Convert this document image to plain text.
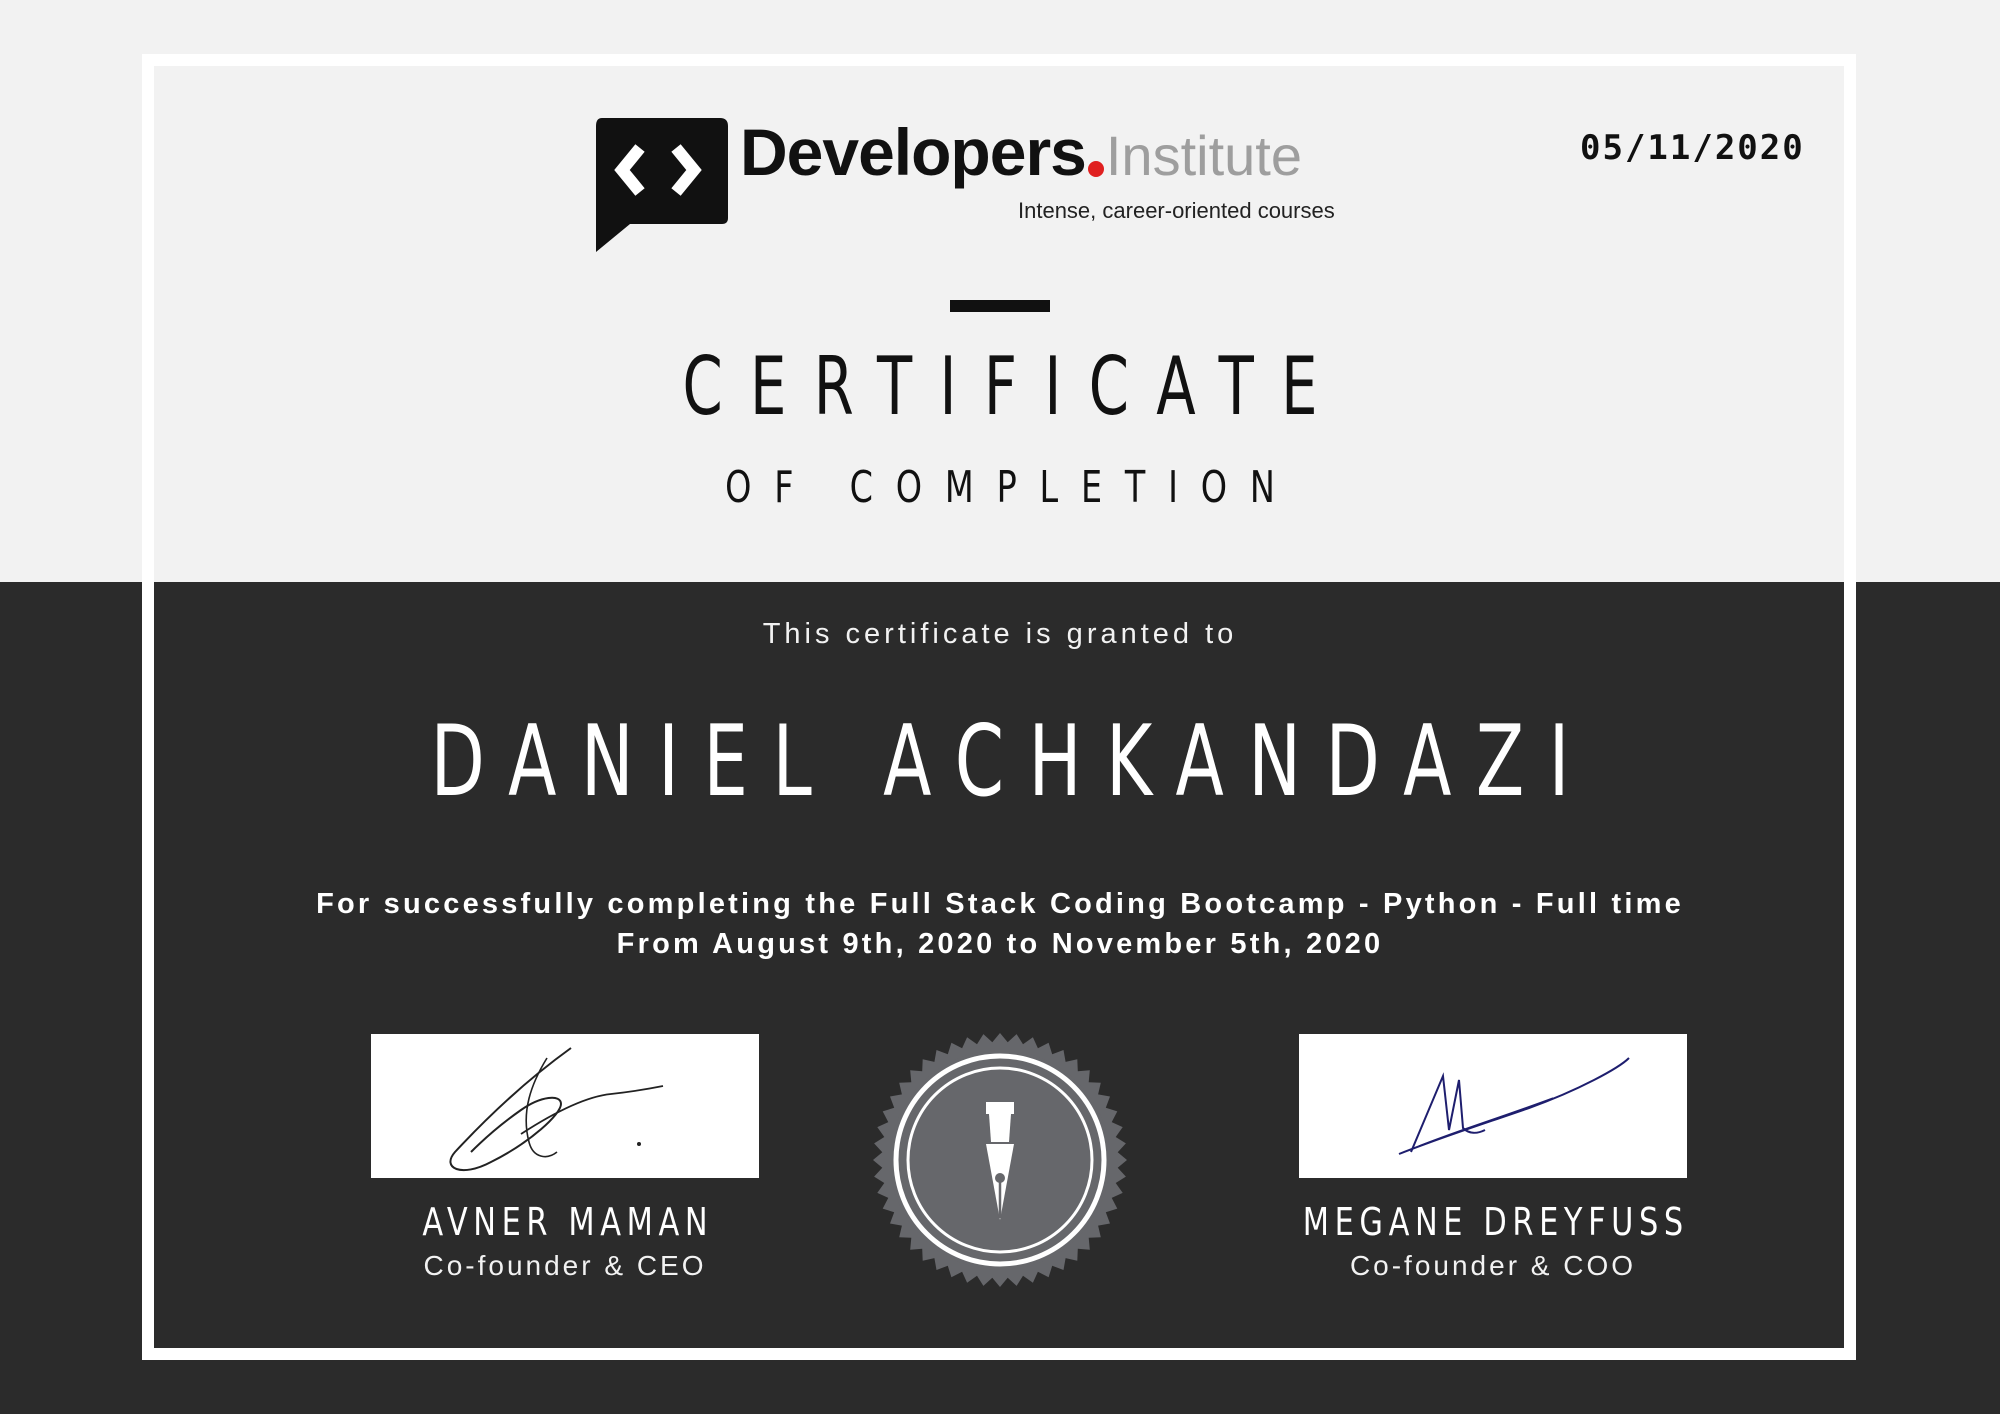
Developers Institute
Intense, career-oriented courses
05/11/2020
CERTIFICATE
OF COMPLETION
This certificate is granted to
DANIEL ACHKANDAZI
For successfully completing the Full Stack Coding Bootcamp - Python - Full time
From August 9th, 2020 to November 5th, 2020
AVNER MAMAN
Co-founder & CEO
MEGANE DREYFUSS
Co-founder & COO
